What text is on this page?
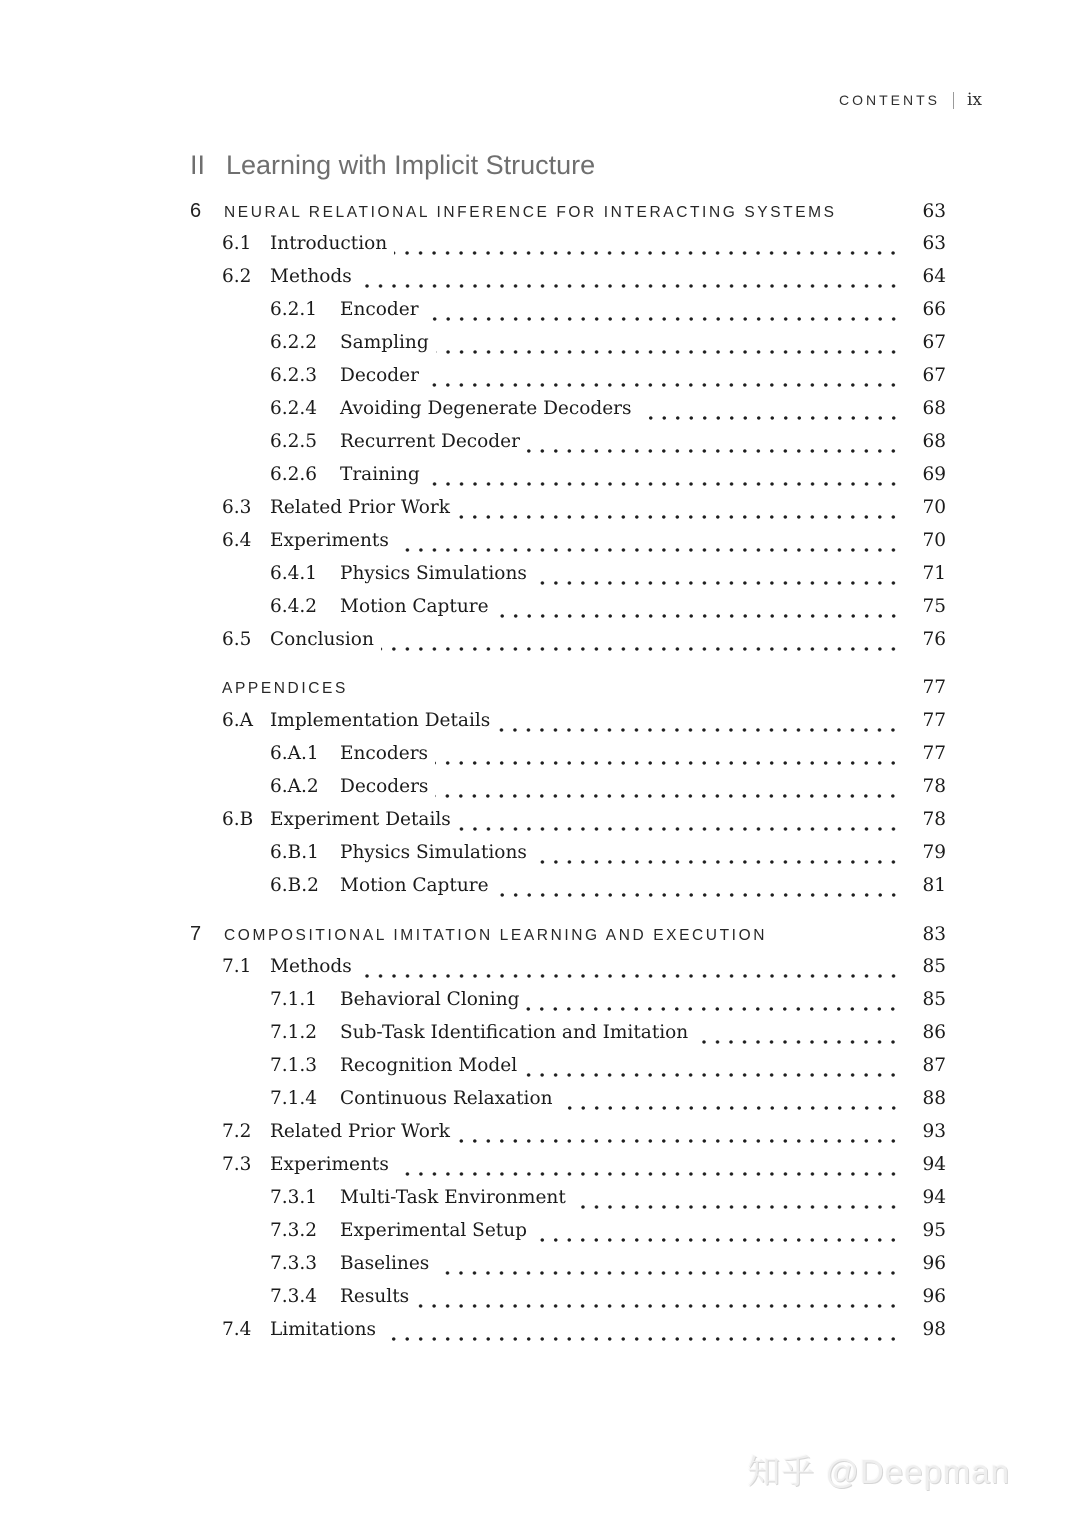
CONTENTS ix
II Learning with Implicit Structure
6	NEURAL RELATIONAL INFERENCE FOR INTERACTING SYSTEMS	63
6.1	Introduction	63
6.2	Methods	64
6.2.1	Encoder	66
6.2.2	Sampling	67
6.2.3	Decoder	67
6.2.4	Avoiding Degenerate Decoders	68
6.2.5	Recurrent Decoder	68
6.2.6	Training	69
6.3	Related Prior Work	70
6.4	Experiments	70
6.4.1	Physics Simulations	71
6.4.2	Motion Capture	75
6.5	Conclusion	76
APPENDICES	77
6.A Implementation Details	77
6.A.1	Encoders	77
6.A.2	Decoders	78
6.B Experiment Details	78
6.B.1	Physics Simulations	79
6.B.2	Motion Capture	81
7	COMPOSITIONAL IMITATION LEARNING AND EXECUTION	83
7.1	Methods	85
7.1.1	Behavioral Cloning	85
7.1.2	Sub-Task Identification and Imitation	86
7.1.3	Recognition Model	87
7.1.4	Continuous Relaxation	88
7.2	Related Prior Work	93
7.3	Experiments	94
7.3.1	Multi-Task Environment	94
7.3.2	Experimental Setup	95
7.3.3	Baselines	96
7.3.4	Results	96
7.4	Limitations	98
知乎 @Deepman
